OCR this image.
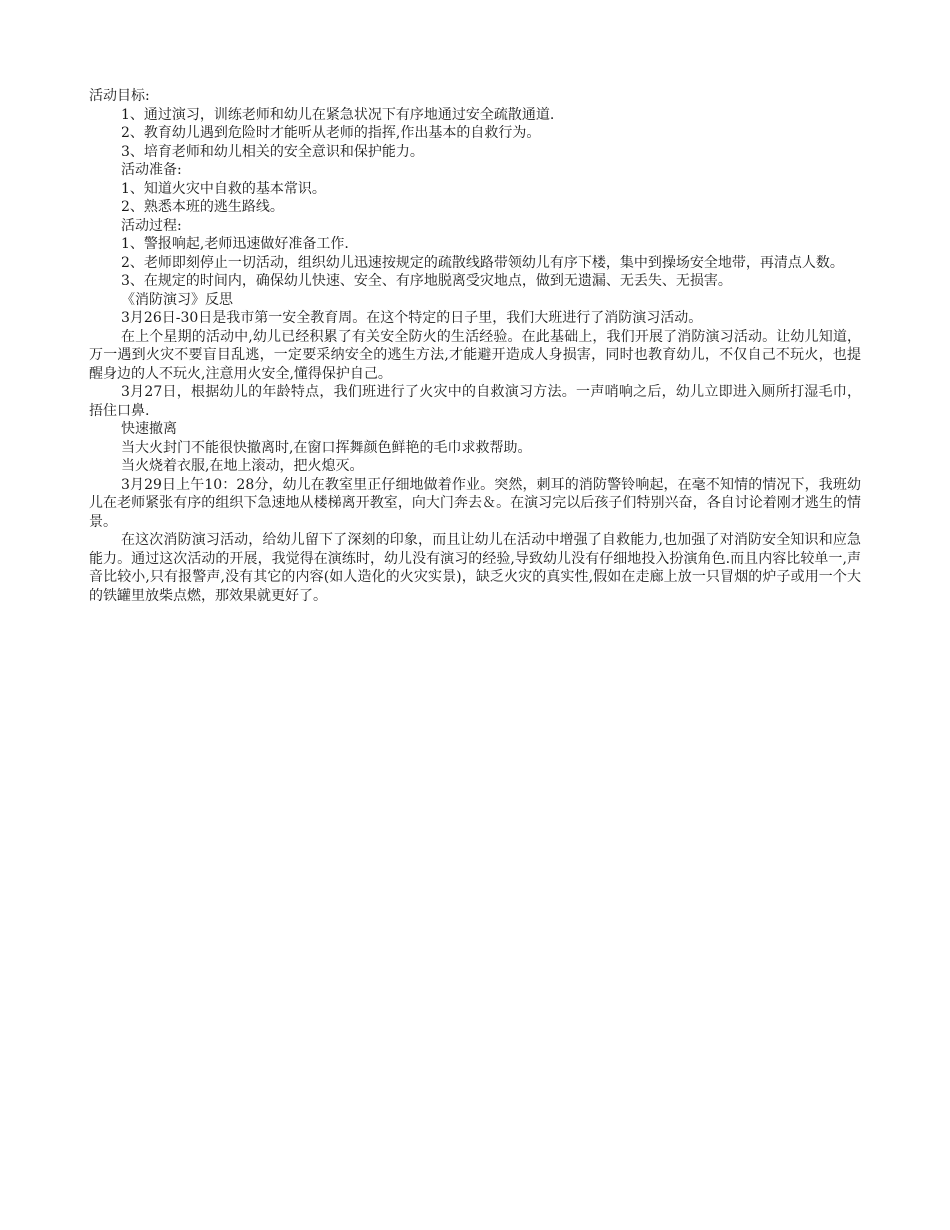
活动目标:

1、通过演习，训练老师和幼儿在紧急状况下有序地通过安全疏散通道.

2、教育幼儿遇到危险时才能听从老师的指挥,作出基本的自救行为。

3、培育老师和幼儿相关的安全意识和保护能力。

活动准备:

1、知道火灾中自救的基本常识。

2、熟悉本班的逃生路线。

活动过程:

1、警报响起,老师迅速做好准备工作.

2、老师即刻停止一切活动，组织幼儿迅速按规定的疏散线路带领幼儿有序下楼，集中到操场安全地带，再清点人数。

3、在规定的时间内，确保幼儿快速、安全、有序地脱离受灾地点，做到无遗漏、无丢失、无损害。

《消防演习》反思

3月26日-30日是我市第一安全教育周。在这个特定的日子里，我们大班进行了消防演习活动。

在上个星期的活动中,幼儿已经积累了有关安全防火的生活经验。在此基础上，我们开展了消防演习活动。让幼儿知道，万一遇到火灾不要盲目乱逃，一定要采纳安全的逃生方法,才能避开造成人身损害，同时也教育幼儿，不仅自己不玩火，也提醒身边的人不玩火,注意用火安全,懂得保护自己。

3月27日，根据幼儿的年龄特点，我们班进行了火灾中的自救演习方法。一声哨响之后，幼儿立即进入厕所打湿毛巾，捂住口鼻.

快速撤离

当大火封门不能很快撤离时,在窗口挥舞颜色鲜艳的毛巾求救帮助。

当火烧着衣服,在地上滚动，把火熄灭。

3月29日上午10：28分，幼儿在教室里正仔细地做着作业。突然，刺耳的消防警铃响起，在毫不知情的情况下，我班幼儿在老师紧张有序的组织下急速地从楼梯离开教室，向大门奔去＆。在演习完以后孩子们特别兴奋，各自讨论着刚才逃生的情景。

在这次消防演习活动，给幼儿留下了深刻的印象，而且让幼儿在活动中增强了自救能力,也加强了对消防安全知识和应急能力。通过这次活动的开展，我觉得在演练时，幼儿没有演习的经验,导致幼儿没有仔细地投入扮演角色.而且内容比较单一,声音比较小,只有报警声,没有其它的内容(如人造化的火灾实景)，缺乏火灾的真实性,假如在走廊上放一只冒烟的炉子或用一个大的铁罐里放柴点燃，那效果就更好了。
